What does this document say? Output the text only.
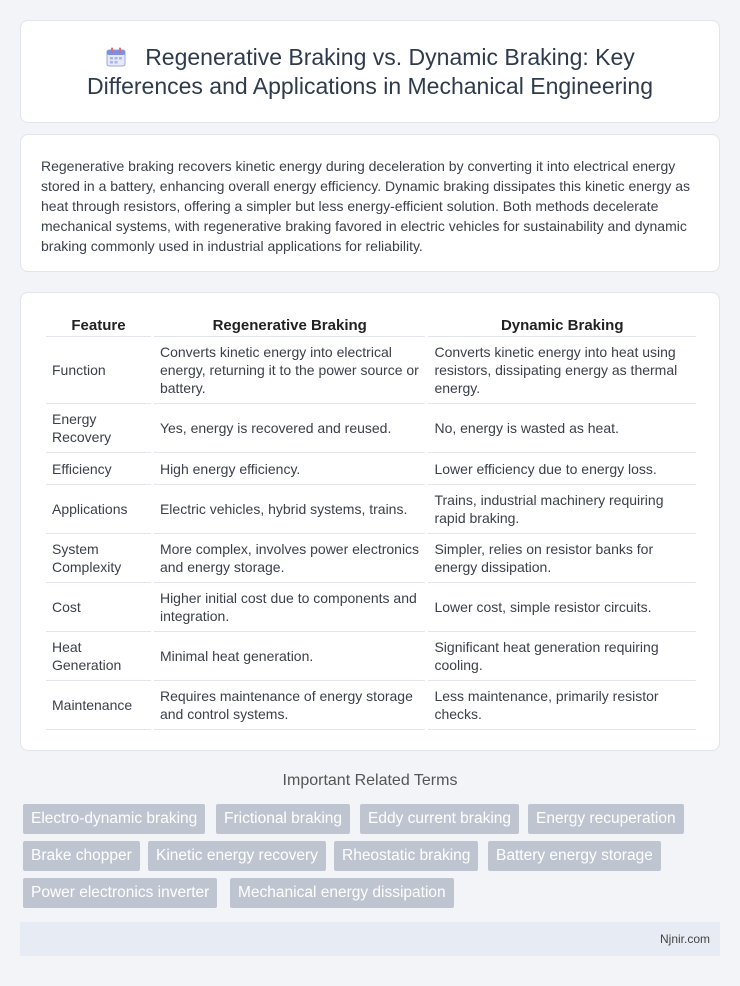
Regenerative Braking vs. Dynamic Braking: Key Differences and Applications in Mechanical Engineering

Regenerative braking recovers kinetic energy during deceleration by converting it into electrical energy stored in a battery, enhancing overall energy efficiency. Dynamic braking dissipates this kinetic energy as heat through resistors, offering a simpler but less energy-efficient solution. Both methods decelerate mechanical systems, with regenerative braking favored in electric vehicles for sustainability and dynamic braking commonly used in industrial applications for reliability.

Feature	Regenerative Braking	Dynamic Braking
Function	Converts kinetic energy into electrical energy, returning it to the power source or battery.	Converts kinetic energy into heat using resistors, dissipating energy as thermal energy.
Energy Recovery	Yes, energy is recovered and reused.	No, energy is wasted as heat.
Efficiency	High energy efficiency.	Lower efficiency due to energy loss.
Applications	Electric vehicles, hybrid systems, trains.	Trains, industrial machinery requiring rapid braking.
System Complexity	More complex, involves power electronics and energy storage.	Simpler, relies on resistor banks for energy dissipation.
Cost	Higher initial cost due to components and integration.	Lower cost, simple resistor circuits.
Heat Generation	Minimal heat generation.	Significant heat generation requiring cooling.
Maintenance	Requires maintenance of energy storage and control systems.	Less maintenance, primarily resistor checks.
Important Related Terms
Electro-dynamic braking	Frictional braking	Eddy current braking	Energy recuperation
Brake chopper	Kinetic energy recovery	Rheostatic braking	Battery energy storage
Power electronics inverter	Mechanical energy dissipation
Njnir.com
